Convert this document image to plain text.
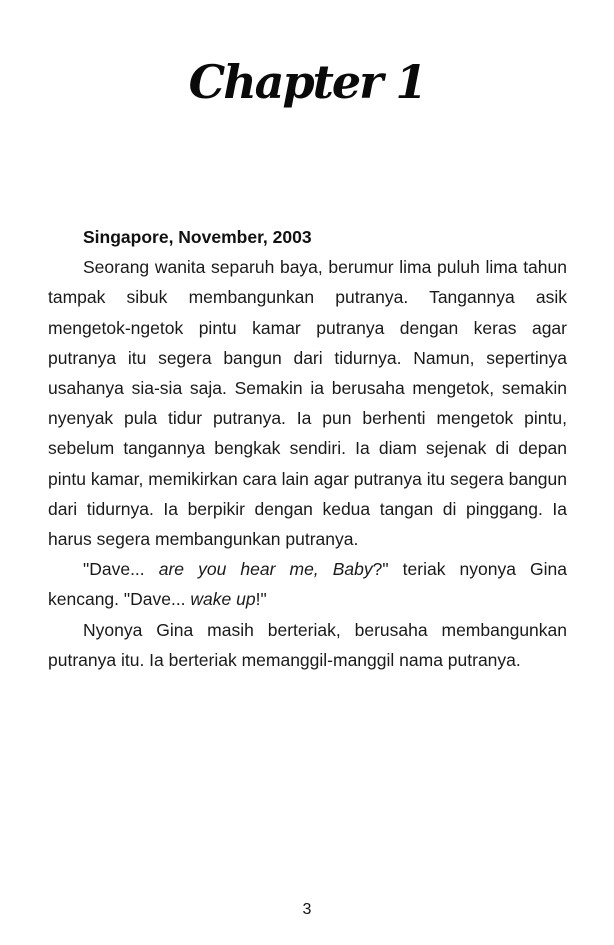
Chapter 1

Singapore, November, 2003

Seorang wanita separuh baya, berumur lima puluh lima tahun tampak sibuk membangunkan putranya. Tangannya asik mengetok-ngetok pintu kamar putranya dengan keras agar putranya itu segera bangun dari tidurnya. Namun, sepertinya usahanya sia-sia saja. Semakin ia berusaha mengetok, semakin nyenyak pula tidur putranya. Ia pun berhenti mengetok pintu, sebelum tangannya bengkak sendiri. Ia diam sejenak di depan pintu kamar, memikirkan cara lain agar putranya itu segera bangun dari tidurnya. Ia berpikir dengan kedua tangan di pinggang. Ia harus segera membangunkan putranya.

"Dave... are you hear me, Baby?" teriak nyonya Gina kencang. "Dave... wake up!"

Nyonya Gina masih berteriak, berusaha membangunkan putranya itu. Ia berteriak memanggil-manggil nama putranya.

3
